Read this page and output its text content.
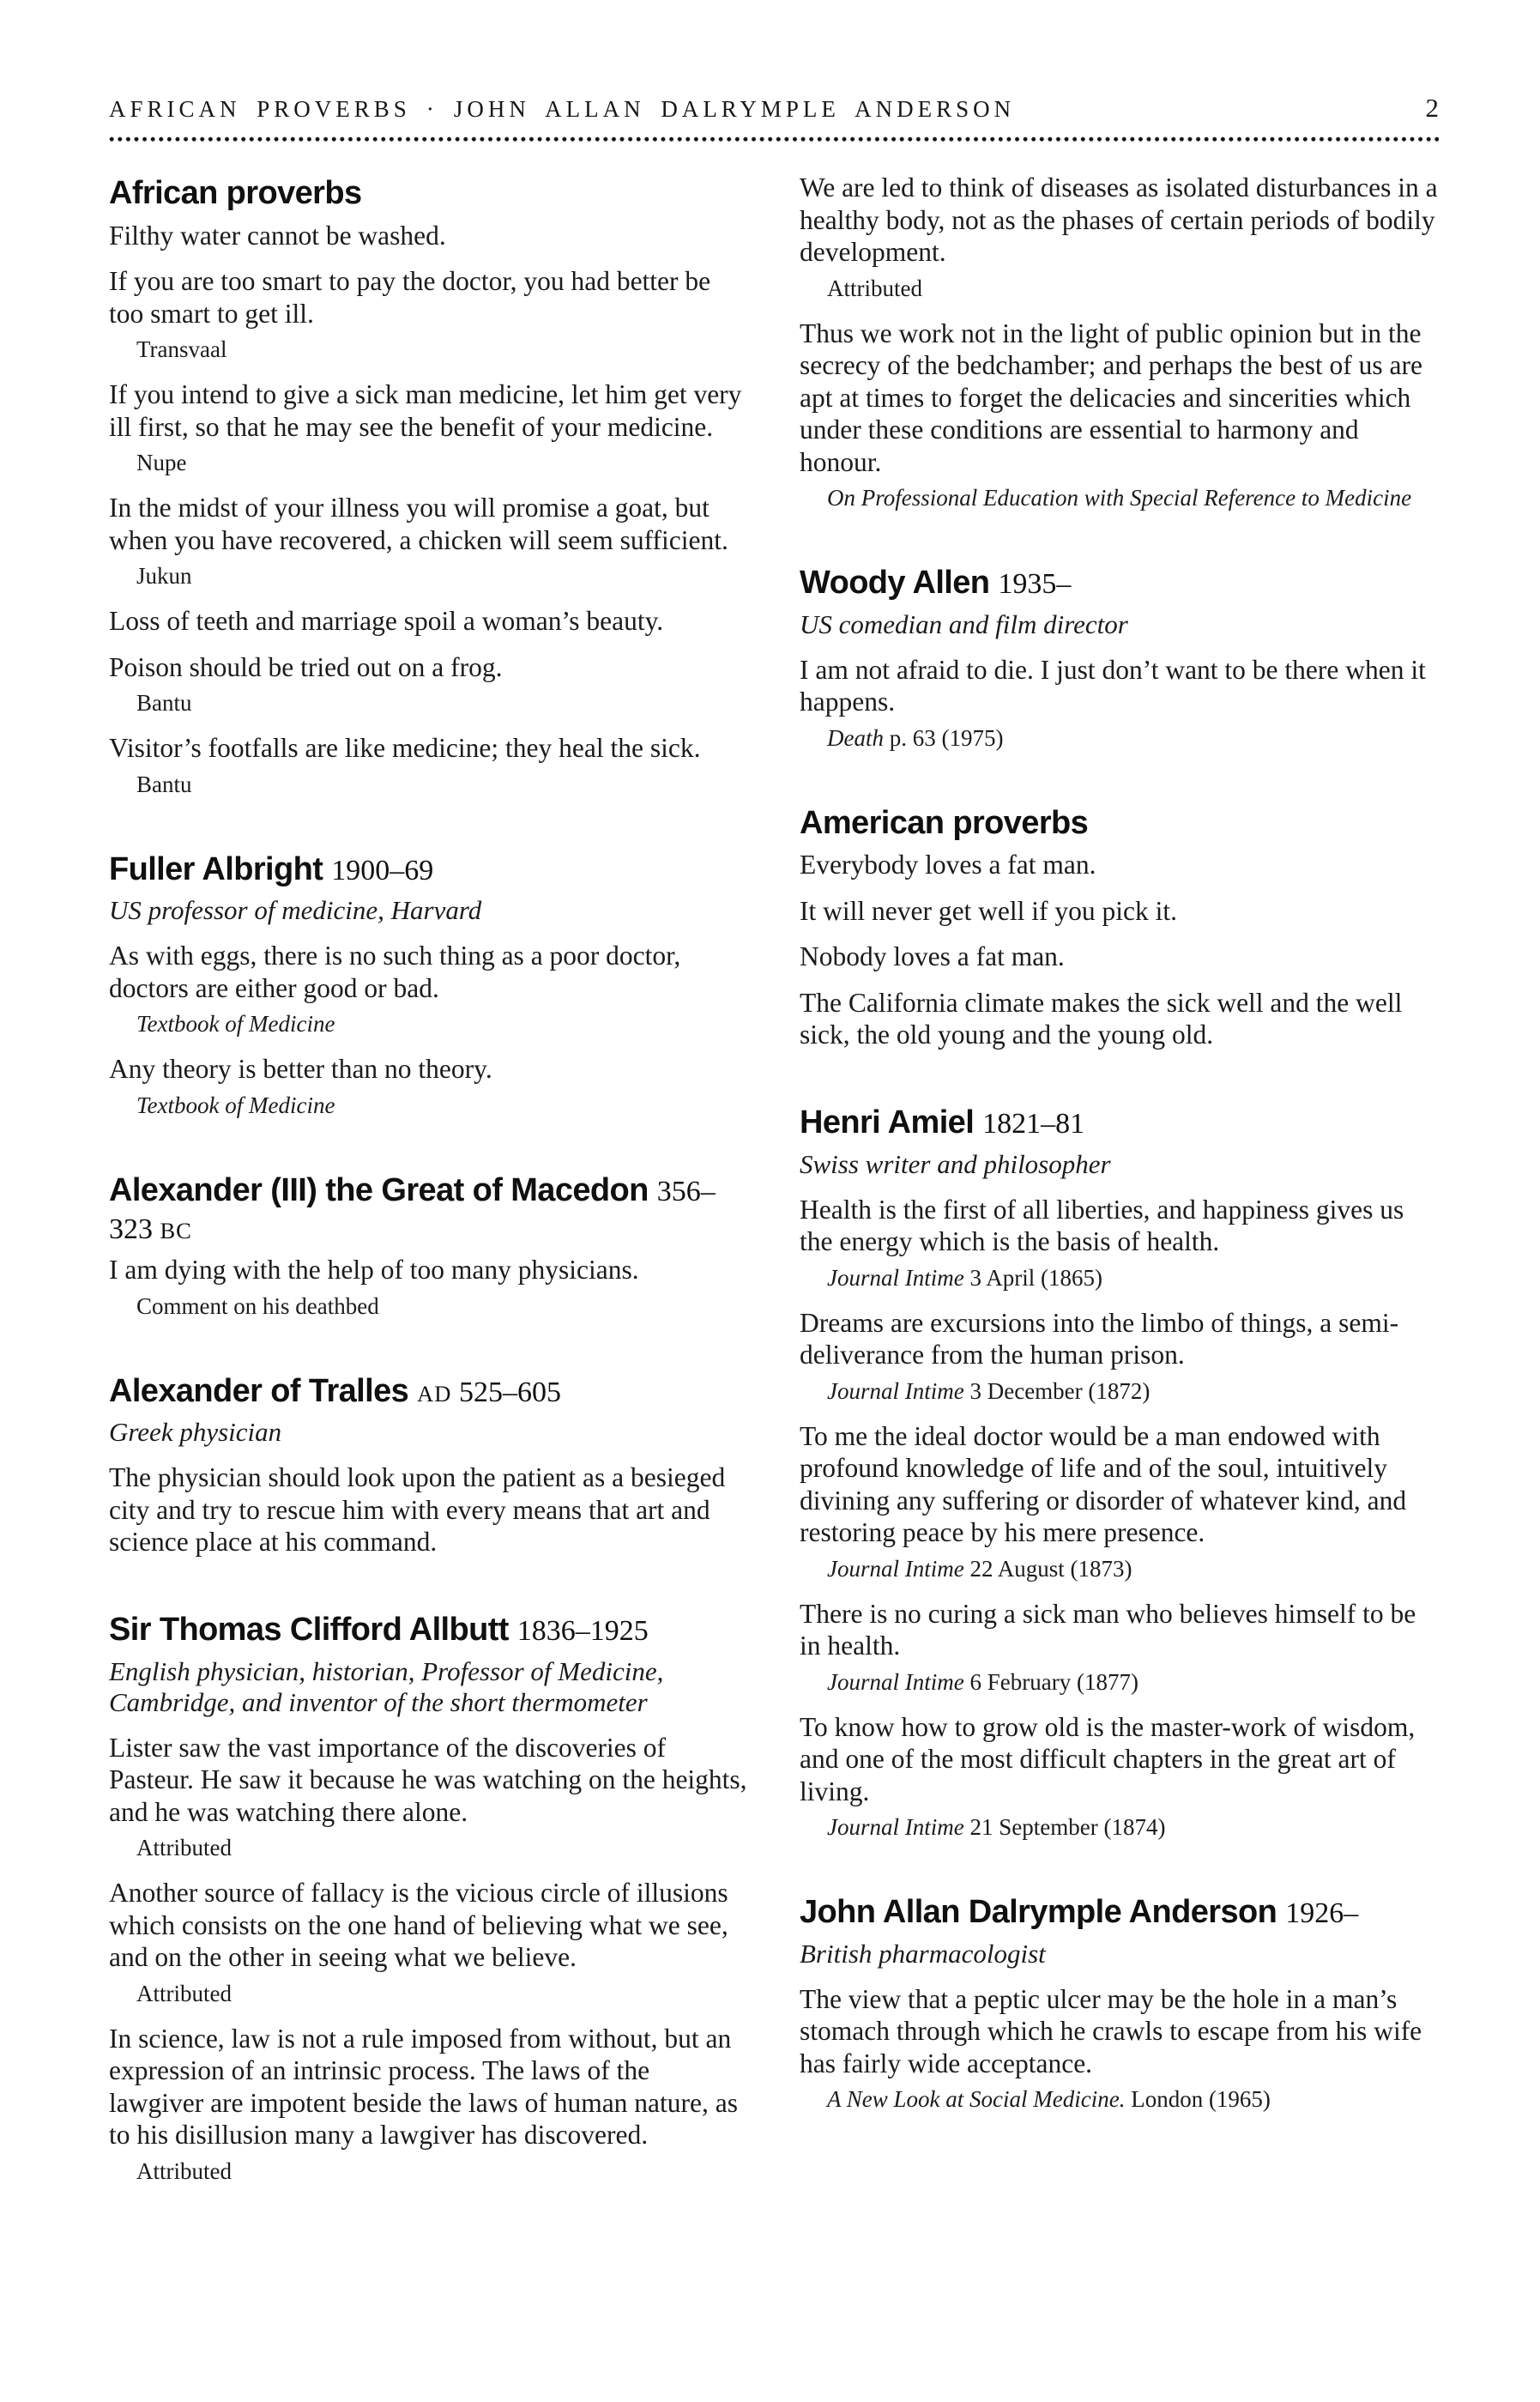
AFRICAN PROVERBS · JOHN ALLAN DALRYMPLE ANDERSON	2
African proverbs

Filthy water cannot be washed.

If you are too smart to pay the doctor, you had better be too smart to get ill.

Transvaal

If you intend to give a sick man medicine, let him get very ill first, so that he may see the benefit of your medicine.

Nupe

In the midst of your illness you will promise a goat, but when you have recovered, a chicken will seem sufficient.

Jukun

Loss of teeth and marriage spoil a woman’s beauty.

Poison should be tried out on a frog.

Bantu

Visitor’s footfalls are like medicine; they heal the sick.

Bantu

Fuller Albright 1900–69

US professor of medicine, Harvard

As with eggs, there is no such thing as a poor doctor, doctors are either good or bad.

Textbook of Medicine

Any theory is better than no theory.

Textbook of Medicine

Alexander (III) the Great of Macedon 356–323 BC

I am dying with the help of too many physicians.

Comment on his deathbed

Alexander of Tralles AD 525–605

Greek physician

The physician should look upon the patient as a besieged city and try to rescue him with every means that art and science place at his command.

Sir Thomas Clifford Allbutt 1836–1925

English physician, historian, Professor of Medicine, Cambridge, and inventor of the short thermometer

Lister saw the vast importance of the discoveries of Pasteur. He saw it because he was watching on the heights, and he was watching there alone.

Attributed

Another source of fallacy is the vicious circle of illusions which consists on the one hand of believing what we see, and on the other in seeing what we believe.

Attributed

In science, law is not a rule imposed from without, but an expression of an intrinsic process. The laws of the lawgiver are impotent beside the laws of human nature, as to his disillusion many a lawgiver has discovered.

Attributed

We are led to think of diseases as isolated disturbances in a healthy body, not as the phases of certain periods of bodily development.

Attributed

Thus we work not in the light of public opinion but in the secrecy of the bedchamber; and perhaps the best of us are apt at times to forget the delicacies and sincerities which under these conditions are essential to harmony and honour.

On Professional Education with Special Reference to Medicine

Woody Allen 1935–

US comedian and film director

I am not afraid to die. I just don’t want to be there when it happens.

Death p. 63 (1975)

American proverbs

Everybody loves a fat man.

It will never get well if you pick it.

Nobody loves a fat man.

The California climate makes the sick well and the well sick, the old young and the young old.

Henri Amiel 1821–81

Swiss writer and philosopher

Health is the first of all liberties, and happiness gives us the energy which is the basis of health.

Journal Intime 3 April (1865)

Dreams are excursions into the limbo of things, a semi-deliverance from the human prison.

Journal Intime 3 December (1872)

To me the ideal doctor would be a man endowed with profound knowledge of life and of the soul, intuitively divining any suffering or disorder of whatever kind, and restoring peace by his mere presence.

Journal Intime 22 August (1873)

There is no curing a sick man who believes himself to be in health.

Journal Intime 6 February (1877)

To know how to grow old is the master-work of wisdom, and one of the most difficult chapters in the great art of living.

Journal Intime 21 September (1874)

John Allan Dalrymple Anderson 1926–

British pharmacologist

The view that a peptic ulcer may be the hole in a man’s stomach through which he crawls to escape from his wife has fairly wide acceptance.

A New Look at Social Medicine. London (1965)
